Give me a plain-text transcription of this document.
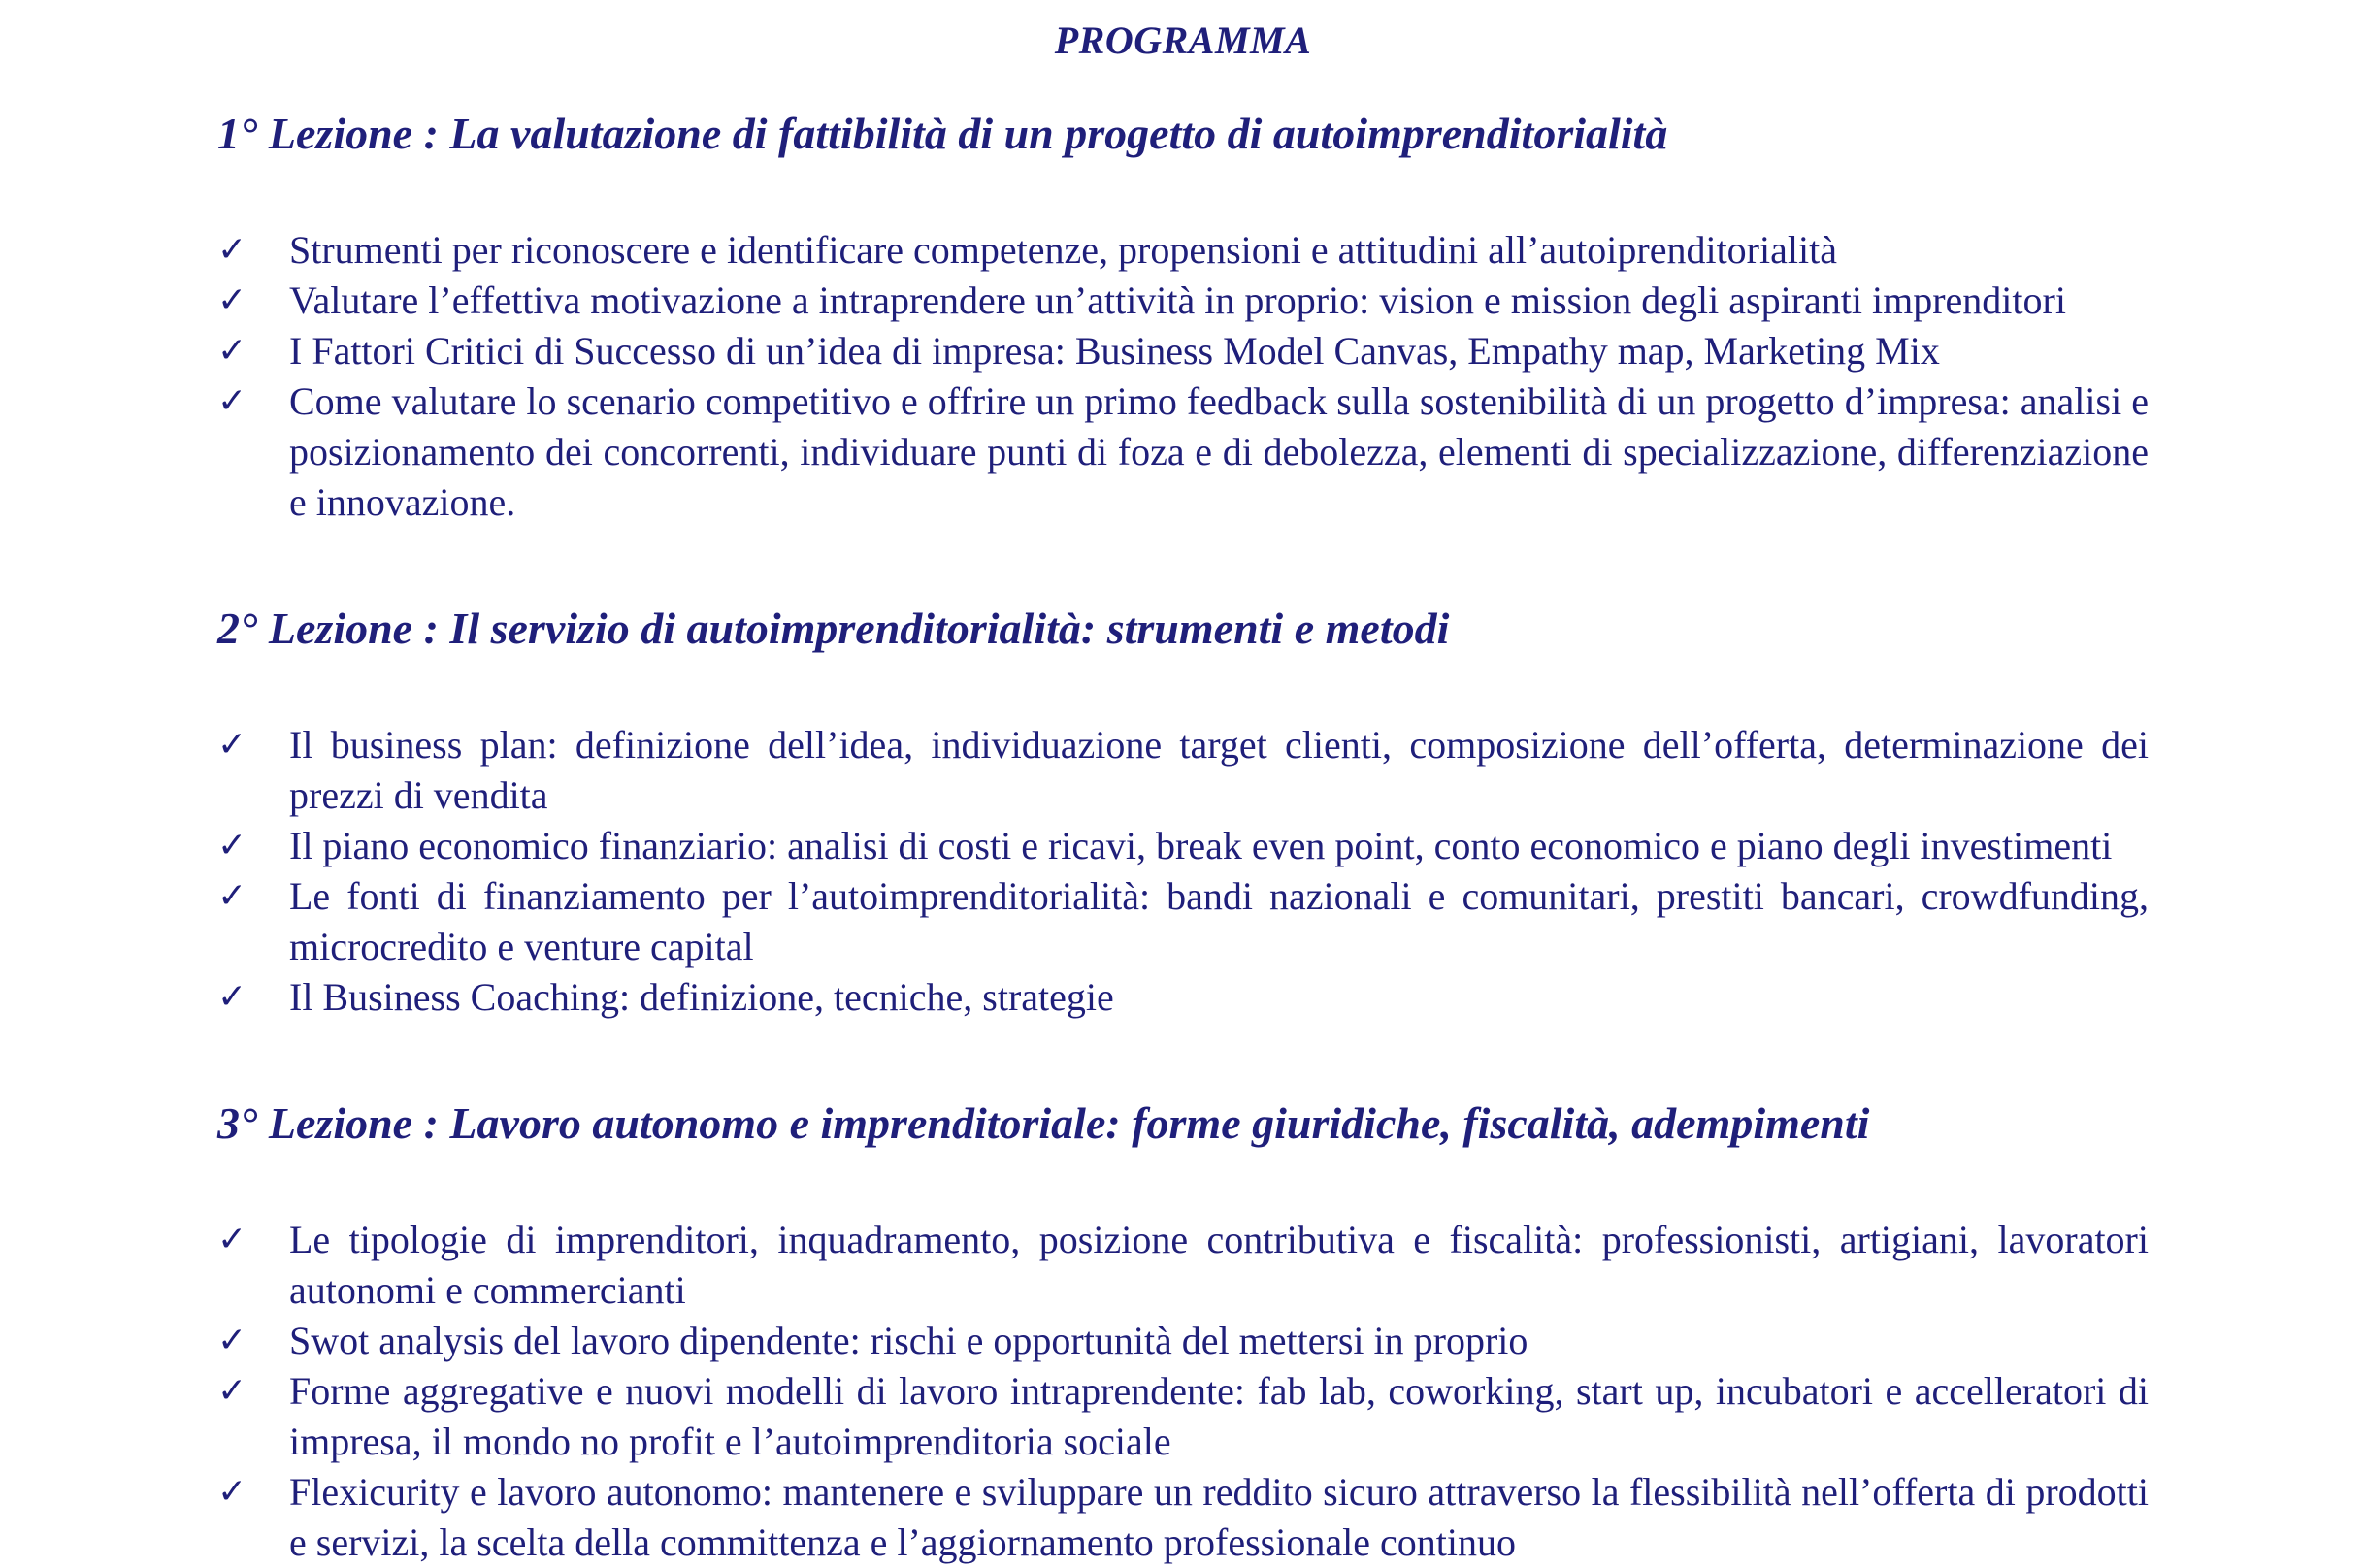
PROGRAMMA
1° Lezione : La valutazione di fattibilità di un progetto di autoimprenditorialità
✓ Strumenti per riconoscere e identificare competenze, propensioni e attitudini all’autoiprenditorialità
✓ Valutare l’effettiva motivazione a intraprendere un’attività in proprio: vision e mission degli aspiranti imprenditori
✓ I Fattori Critici di Successo di un’idea di impresa: Business Model Canvas, Empathy map, Marketing Mix
✓ Come valutare lo scenario competitivo e offrire un primo feedback sulla sostenibilità di un progetto d’impresa: analisi e posizionamento dei concorrenti, individuare punti di foza e di debolezza, elementi di specializzazione, differenziazione e innovazione.
2° Lezione : Il servizio di autoimprenditorialità: strumenti e metodi
✓ Il business plan: definizione dell’idea, individuazione target clienti, composizione dell’offerta, determinazione dei prezzi di vendita
✓ Il piano economico finanziario: analisi di costi e ricavi, break even point, conto economico e piano degli investimenti
✓ Le fonti di finanziamento per l’autoimprenditorialità: bandi nazionali e comunitari, prestiti bancari, crowdfunding, microcredito e venture capital
✓ Il Business Coaching: definizione, tecniche, strategie
3° Lezione : Lavoro autonomo e imprenditoriale: forme giuridiche, fiscalità, adempimenti
✓ Le tipologie di imprenditori, inquadramento, posizione contributiva e fiscalità: professionisti, artigiani, lavoratori autonomi e commercianti
✓ Swot analysis del lavoro dipendente: rischi e opportunità del mettersi in proprio
✓ Forme aggregative e nuovi modelli di lavoro intraprendente: fab lab, coworking, start up, incubatori e accelleratori di impresa, il mondo no profit e l’autoimprenditoria sociale
✓ Flexicurity e lavoro autonomo: mantenere e sviluppare un reddito sicuro attraverso la flessibilità nell’offerta di prodotti e servizi, la scelta della committenza e l’aggiornamento professionale continuo
